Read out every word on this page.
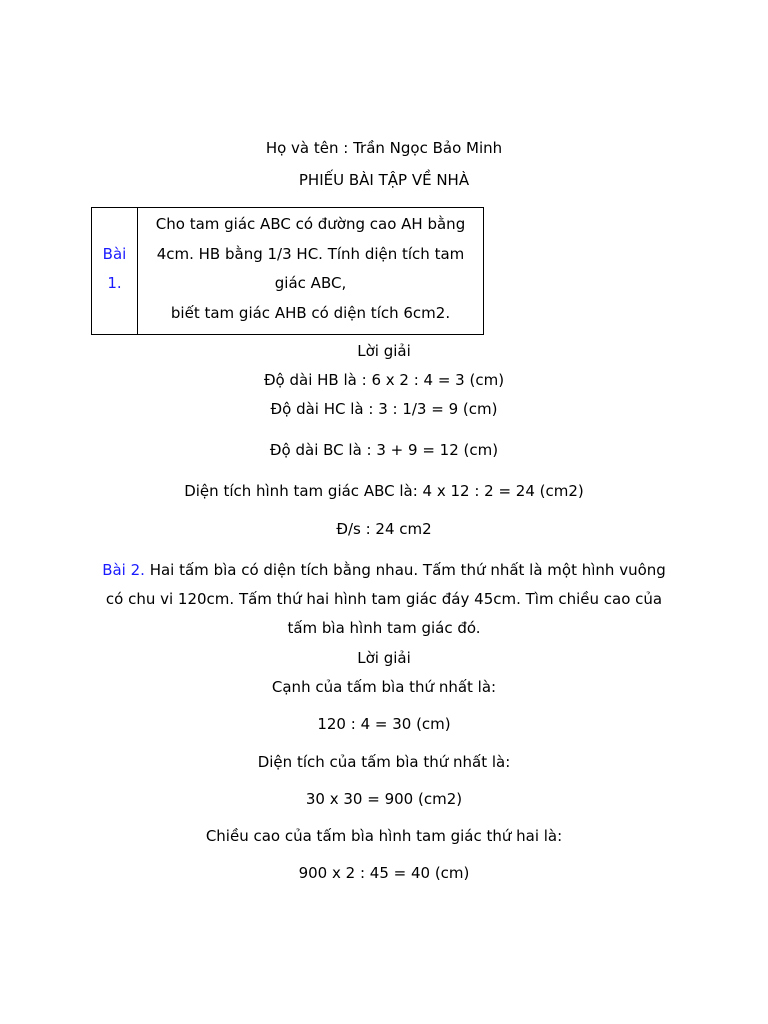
Họ và tên : Trần Ngọc Bảo Minh
PHIẾU BÀI TẬP VỀ NHÀ
Bài
1.
Cho tam giác ABC có đường cao AH bằng
4cm. HB bằng 1/3 HC. Tính diện tích tam
giác ABC,
biết tam giác AHB có diện tích 6cm2.
Lời giải
Độ dài HB là : 6 x 2 : 4 = 3 (cm)
Độ dài HC là : 3 : 1/3 = 9 (cm)
Độ dài BC là : 3 + 9 = 12 (cm)
Diện tích hình tam giác ABC là: 4 x 12 : 2 = 24 (cm2)
Đ/s : 24 cm2
Bài 2. Hai tấm bìa có diện tích bằng nhau. Tấm thứ nhất là một hình vuông
có chu vi 120cm. Tấm thứ hai hình tam giác đáy 45cm. Tìm chiều cao của
tấm bìa hình tam giác đó.
Lời giải
Cạnh của tấm bìa thứ nhất là:
120 : 4 = 30 (cm)
Diện tích của tấm bìa thứ nhất là:
30 x 30 = 900 (cm2)
Chiều cao của tấm bìa hình tam giác thứ hai là:
900 x 2 : 45 = 40 (cm)
